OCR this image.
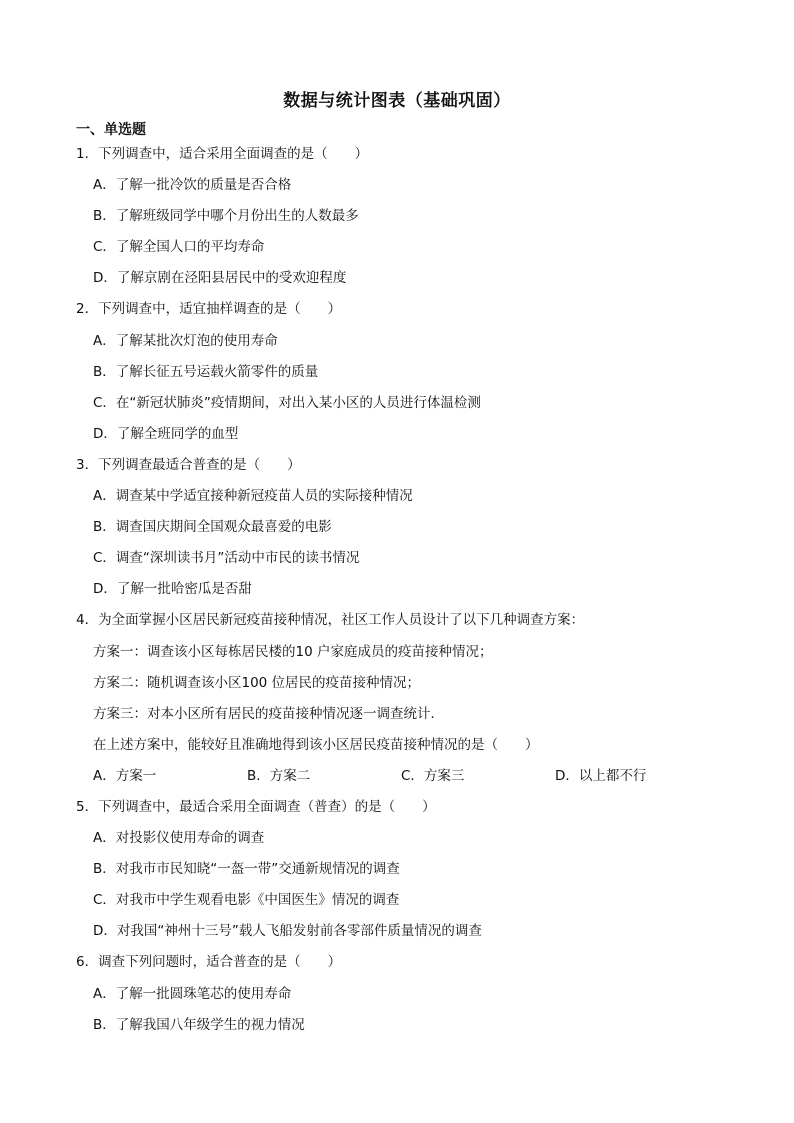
数据与统计图表（基础巩固）
一、单选题
1．下列调查中，适合采用全面调查的是（　　）
A．了解一批冷饮的质量是否合格
B．了解班级同学中哪个月份出生的人数最多
C．了解全国人口的平均寿命
D．了解京剧在泾阳县居民中的受欢迎程度
2．下列调查中，适宜抽样调查的是（　　）
A．了解某批次灯泡的使用寿命
B．了解长征五号运载火箭零件的质量
C．在“新冠状肺炎”疫情期间，对出入某小区的人员进行体温检测
D．了解全班同学的血型
3．下列调查最适合普查的是（　　）
A．调查某中学适宜接种新冠疫苗人员的实际接种情况
B．调查国庆期间全国观众最喜爱的电影
C．调查“深圳读书月”活动中市民的读书情况
D．了解一批哈密瓜是否甜
4．为全面掌握小区居民新冠疫苗接种情况，社区工作人员设计了以下几种调查方案：
方案一：调查该小区每栋居民楼的10 户家庭成员的疫苗接种情况；
方案二：随机调查该小区100 位居民的疫苗接种情况；
方案三：对本小区所有居民的疫苗接种情况逐一调查统计．
在上述方案中，能较好且准确地得到该小区居民疫苗接种情况的是（　　）
A．方案一	B．方案二	C．方案三	D．以上都不行
5．下列调查中，最适合采用全面调查（普查）的是（　　）
A．对投影仪使用寿命的调查
B．对我市市民知晓“一盔一带”交通新规情况的调查
C．对我市中学生观看电影《中国医生》情况的调查
D．对我国“神州十三号”载人飞船发射前各零部件质量情况的调查
6．调查下列问题时，适合普查的是（　　）
A．了解一批圆珠笔芯的使用寿命
B．了解我国八年级学生的视力情况
